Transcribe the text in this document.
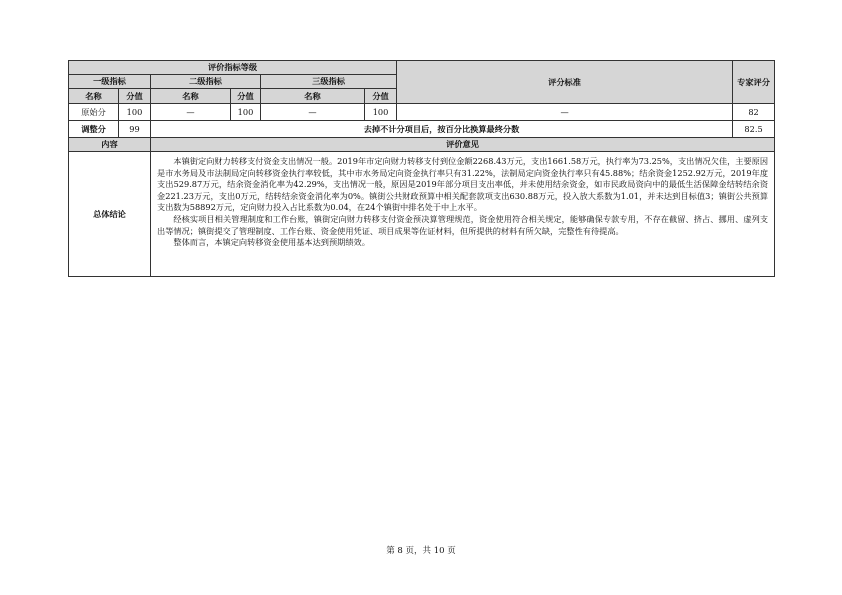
评价指标等级						评分标准	专家评分
一级指标		二级指标		三级指标			
名称	分值	名称	分值	名称	分值		
原始分	100	—	100	—	100	—	82
调整分	99	去掉不计分项目后，按百分比换算最终分数					82.5
内容		评价意见					
总体结论		本镇街定向财力转移支付资金支出情况一般。2019年市定向财力转移支付到位金额2268.43万元，支出1661.58万元，执行率为73.25%，支出情况欠佳，主要原因是市水务局及市法制局定向转移资金执行率较低，其中市水务局定向资金执行率只有31.22%，法制局定向资金执行率只有45.88%；结余资金1252.92万元，2019年度支出529.87万元，结余资金消化率为42.29%，支出情况一般，原因是2019年部分项目支出率低，并未使用结余资金，如市民政局资向中的最低生活保障金结转结余资金221.23万元，支出0万元，结转结余资金消化率为0%。镇街公共财政预算中相关配套款项支出630.88万元，投入放大系数为1.01，并未达到目标值3；镇街公共预算支出数为58892万元，定向财力投入占比系数为0.04，在24个镇街中排名处于中上水平。

经核实项目相关管理制度和工作台账，镇街定向财力转移支付资金预决算管理规范，资金使用符合相关规定，能够确保专款专用，不存在截留、挤占、挪用、虚列支出等情况；镇街提交了管理制度、工作台账、资金使用凭证、项目成果等佐证材料，但所提供的材料有所欠缺，完整性有待提高。

整体而言，本镇定向转移资金使用基本达到预期绩效。					

第 8 页，共 10 页
